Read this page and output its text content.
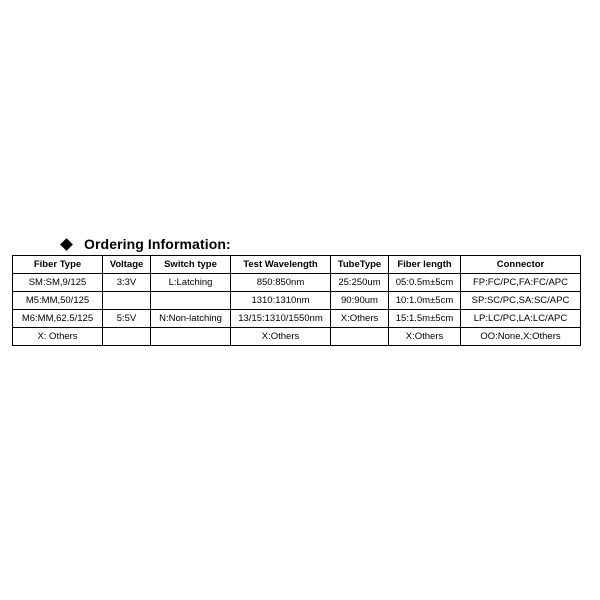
Ordering Information:
Fiber Type	Voltage	Switch type	Test Wavelength	TubeType	Fiber length	Connector
SM:SM,9/125	3:3V	L:Latching	850:850nm	25:250um	05:0.5m±5cm	FP:FC/PC,FA:FC/APC
M5:MM,50/125			1310:1310nm	90:90um	10:1.0m±5cm	SP:SC/PC,SA:SC/APC
M6:MM,62.5/125	5:5V	N:Non-latching	13/15:1310/1550nm	X:Others	15:1.5m±5cm	LP:LC/PC,LA:LC/APC
X: Others			X:Others		X:Others	OO:None,X:Others
